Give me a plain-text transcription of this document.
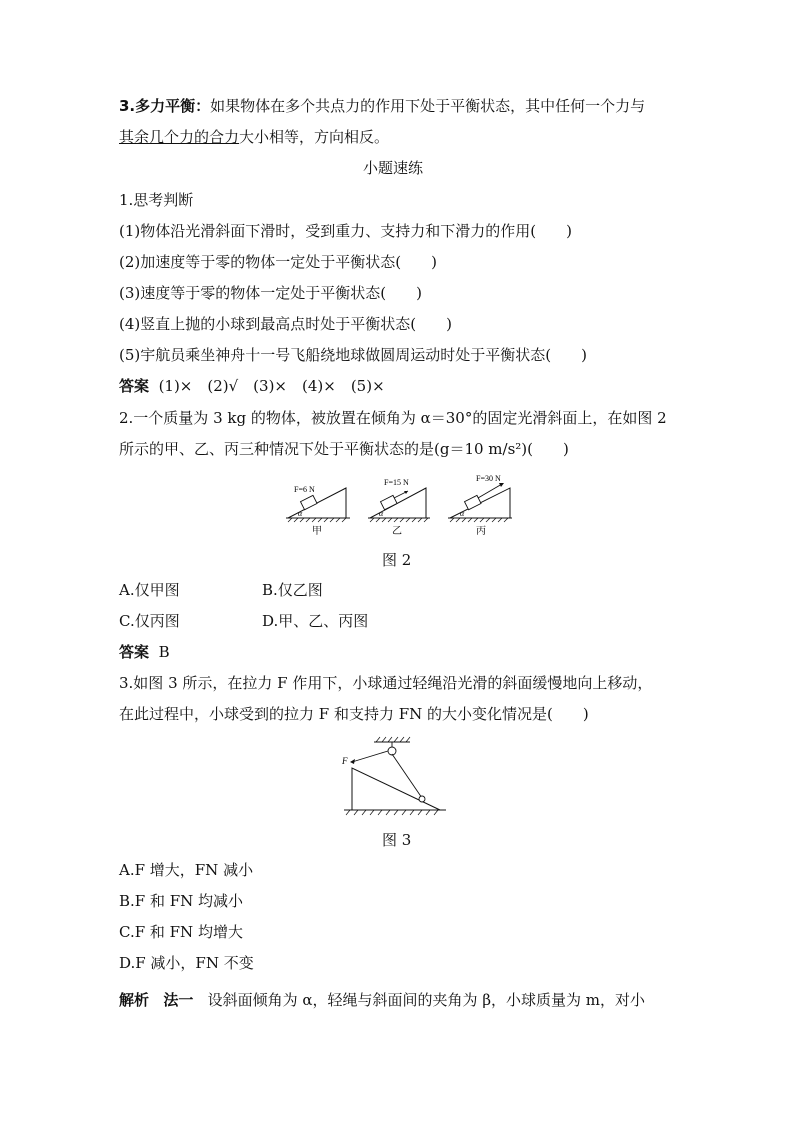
3.多力平衡：如果物体在多个共点力的作用下处于平衡状态，其中任何一个力与
其余几个力的合力大小相等，方向相反。
小题速练
1.思考判断
(1)物体沿光滑斜面下滑时，受到重力、支持力和下滑力的作用(　　)
(2)加速度等于零的物体一定处于平衡状态(　　)
(3)速度等于零的物体一定处于平衡状态(　　)
(4)竖直上抛的小球到最高点时处于平衡状态(　　)
(5)宇航员乘坐神舟十一号飞船绕地球做圆周运动时处于平衡状态(　　)
答案 (1)×　(2)√　(3)×　(4)×　(5)×
2.一个质量为 3 kg 的物体，被放置在倾角为 α＝30°的固定光滑斜面上，在如图 2
所示的甲、乙、丙三种情况下处于平衡状态的是(g＝10 m/s²)(　　)
α
F=6 N
甲
α
F=15 N
乙
α
F=30 N
丙
图 2
A.仅甲图	B.仅乙图
C.仅丙图	D.甲、乙、丙图
答案 B
3.如图 3 所示，在拉力 F 作用下，小球通过轻绳沿光滑的斜面缓慢地向上移动，
在此过程中，小球受到的拉力 F 和支持力 FN 的大小变化情况是(　　)
F
图 3
A.F 增大，FN 减小
B.F 和 FN 均减小
C.F 和 FN 均增大
D.F 减小，FN 不变
解析 法一 设斜面倾角为 α，轻绳与斜面间的夹角为 β，小球质量为 m，对小
